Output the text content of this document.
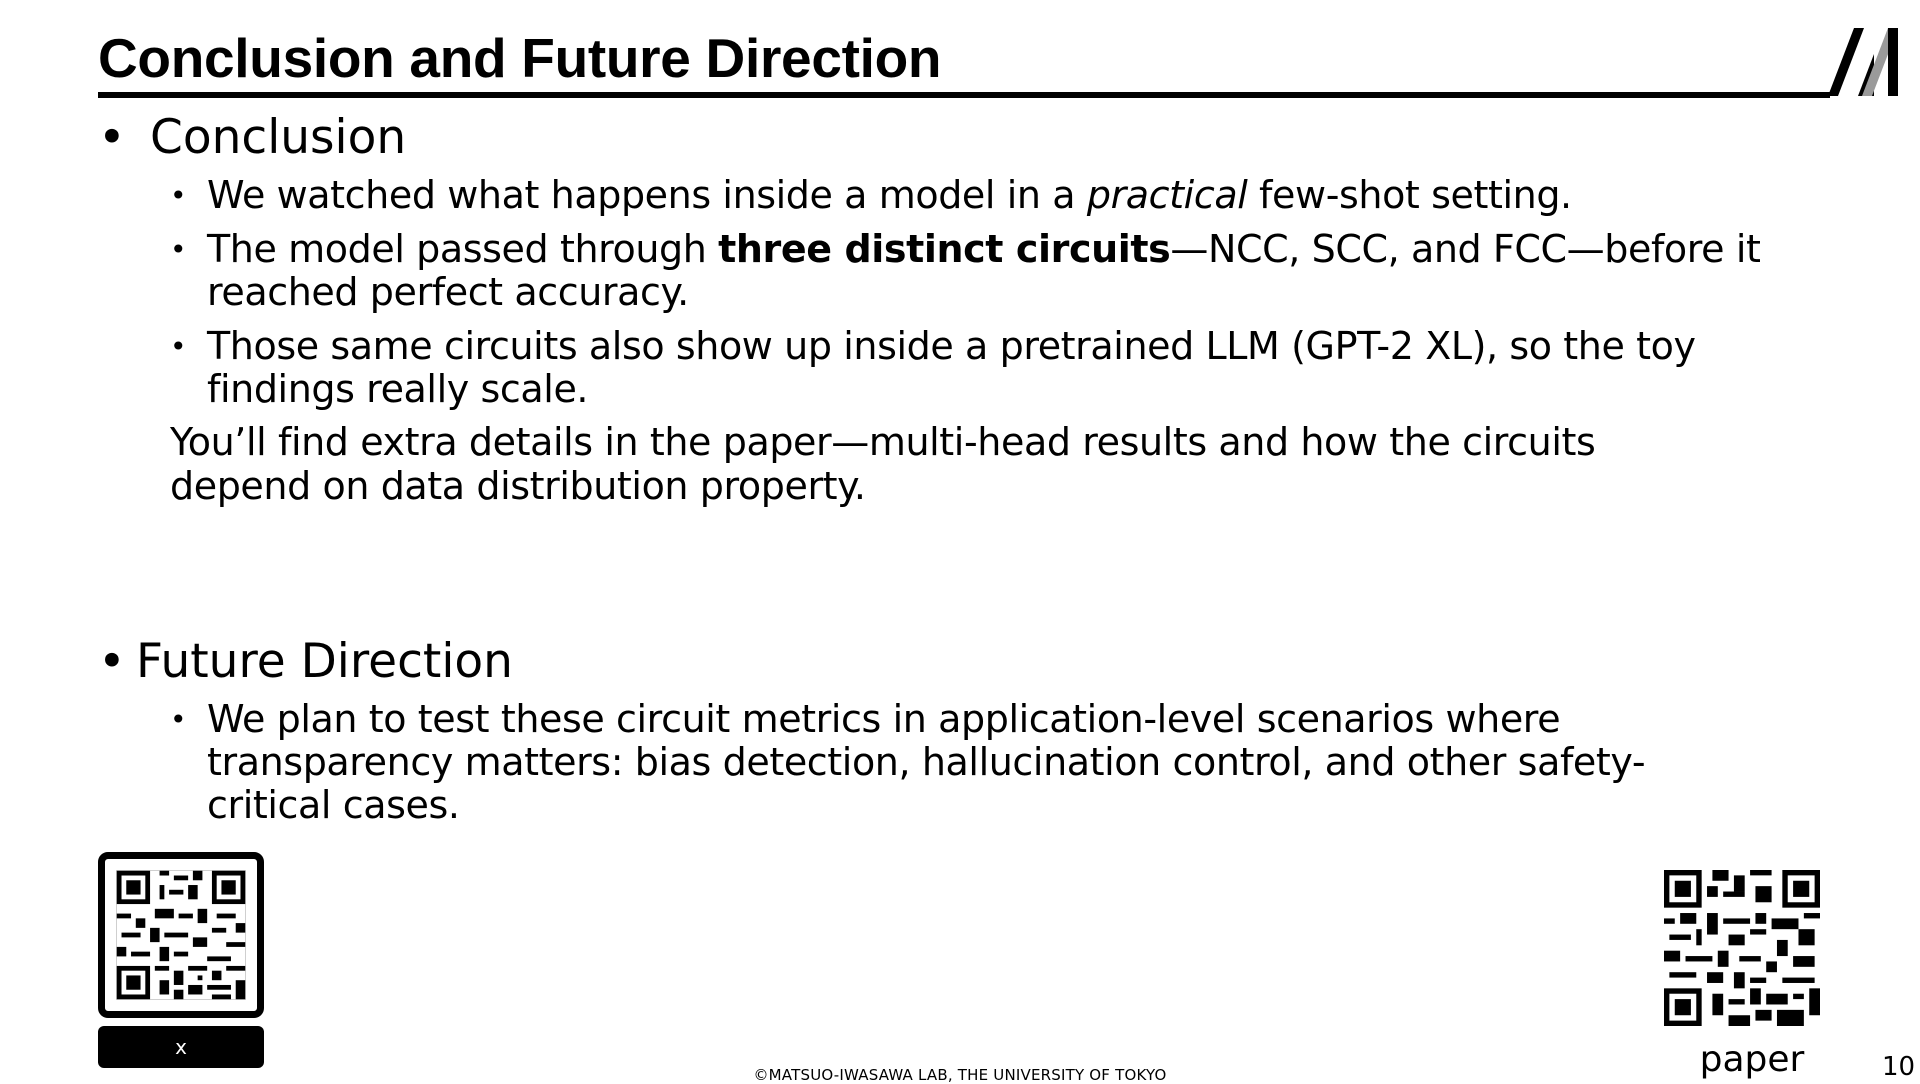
Conclusion and Future Direction
• Conclusion
• We watched what happens inside a model in a practical few-shot setting.
• The model passed through three distinct circuits—NCC, SCC, and FCC—before it reached perfect accuracy.
• Those same circuits also show up inside a pretrained LLM (GPT-2 XL), so the toy findings really scale.
You’ll find extra details in the paper—multi-head results and how the circuits depend on data distribution property.
• Future Direction
• We plan to test these circuit metrics in application-level scenarios where transparency matters: bias detection, hallucination control, and other safety-critical cases.
x	paper
©MATSUO-IWASAWA LAB, THE UNIVERSITY OF TOKYO	10
